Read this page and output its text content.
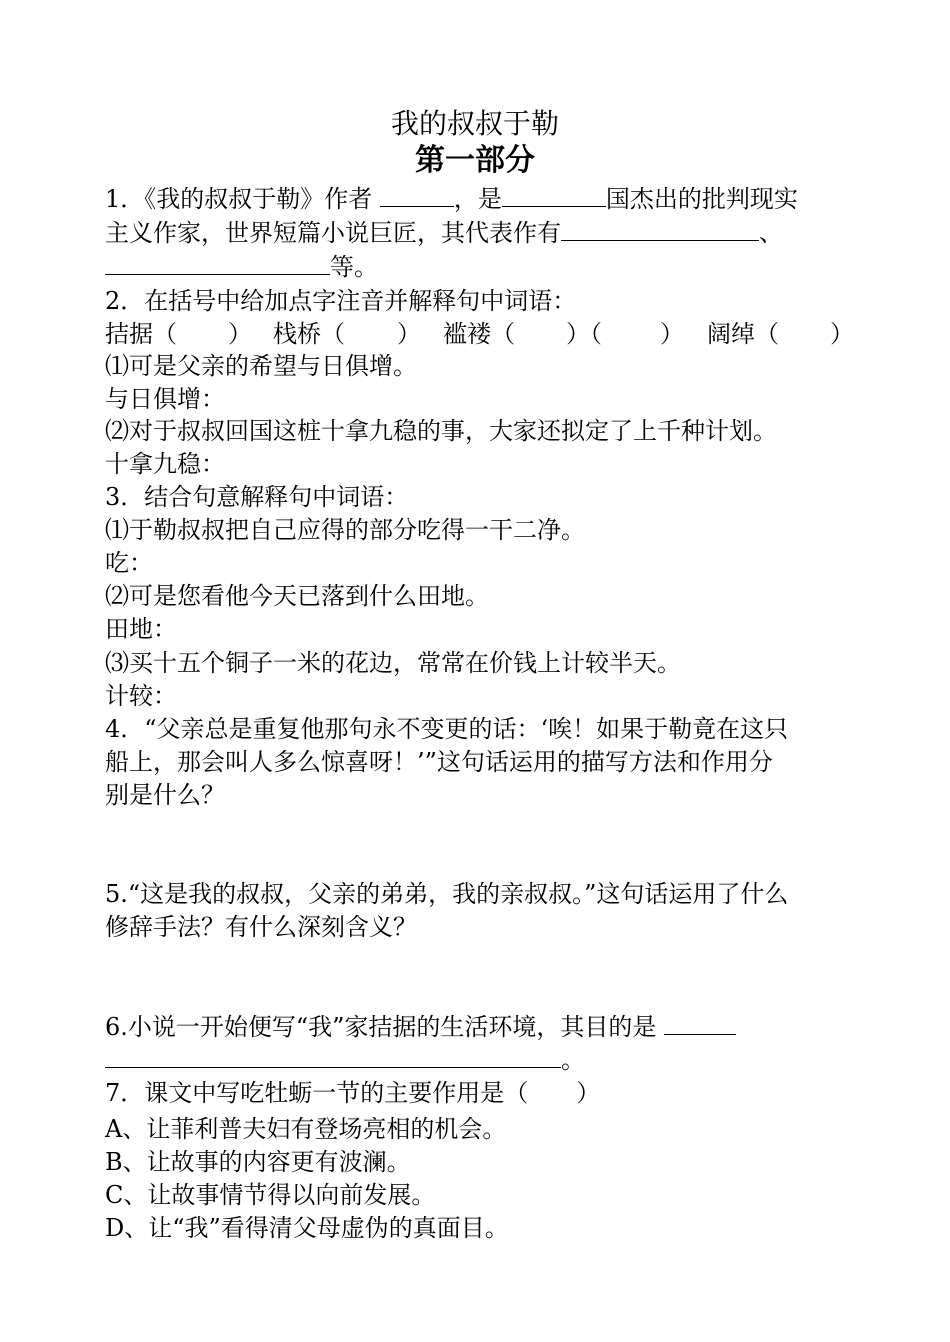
我的叔叔于勒
第一部分
1．《我的叔叔于勒》作者	，是	国杰出的批判现实
主义作家，世界短篇小说巨匠，其代表作有	、
等。
2．在括号中给加点字注音并解释句中词语：
拮据（ ） 栈桥（ ） 褴褛（ ）（ ） 阔绰（ ）
⑴可是父亲的希望与日俱增。
与日俱增：
⑵对于叔叔回国这桩十拿九稳的事，大家还拟定了上千种计划。
十拿九稳：
3．结合句意解释句中词语：
⑴于勒叔叔把自己应得的部分吃得一干二净。
吃：
⑵可是您看他今天已落到什么田地。
田地：
⑶买十五个铜子一米的花边，常常在价钱上计较半天。
计较：
4．“父亲总是重复他那句永不变更的话：‘唉！如果于勒竟在这只
船上，那会叫人多么惊喜呀！’”这句话运用的描写方法和作用分
别是什么？
5.“这是我的叔叔，父亲的弟弟，我的亲叔叔。”这句话运用了什么
修辞手法？有什么深刻含义？
6.小说一开始便写“我”家拮据的生活环境，其目的是
。
7．课文中写吃牡蛎一节的主要作用是（　　）
A、让菲利普夫妇有登场亮相的机会。
B、让故事的内容更有波澜。
C、让故事情节得以向前发展。
D、让“我”看得清父母虚伪的真面目。
